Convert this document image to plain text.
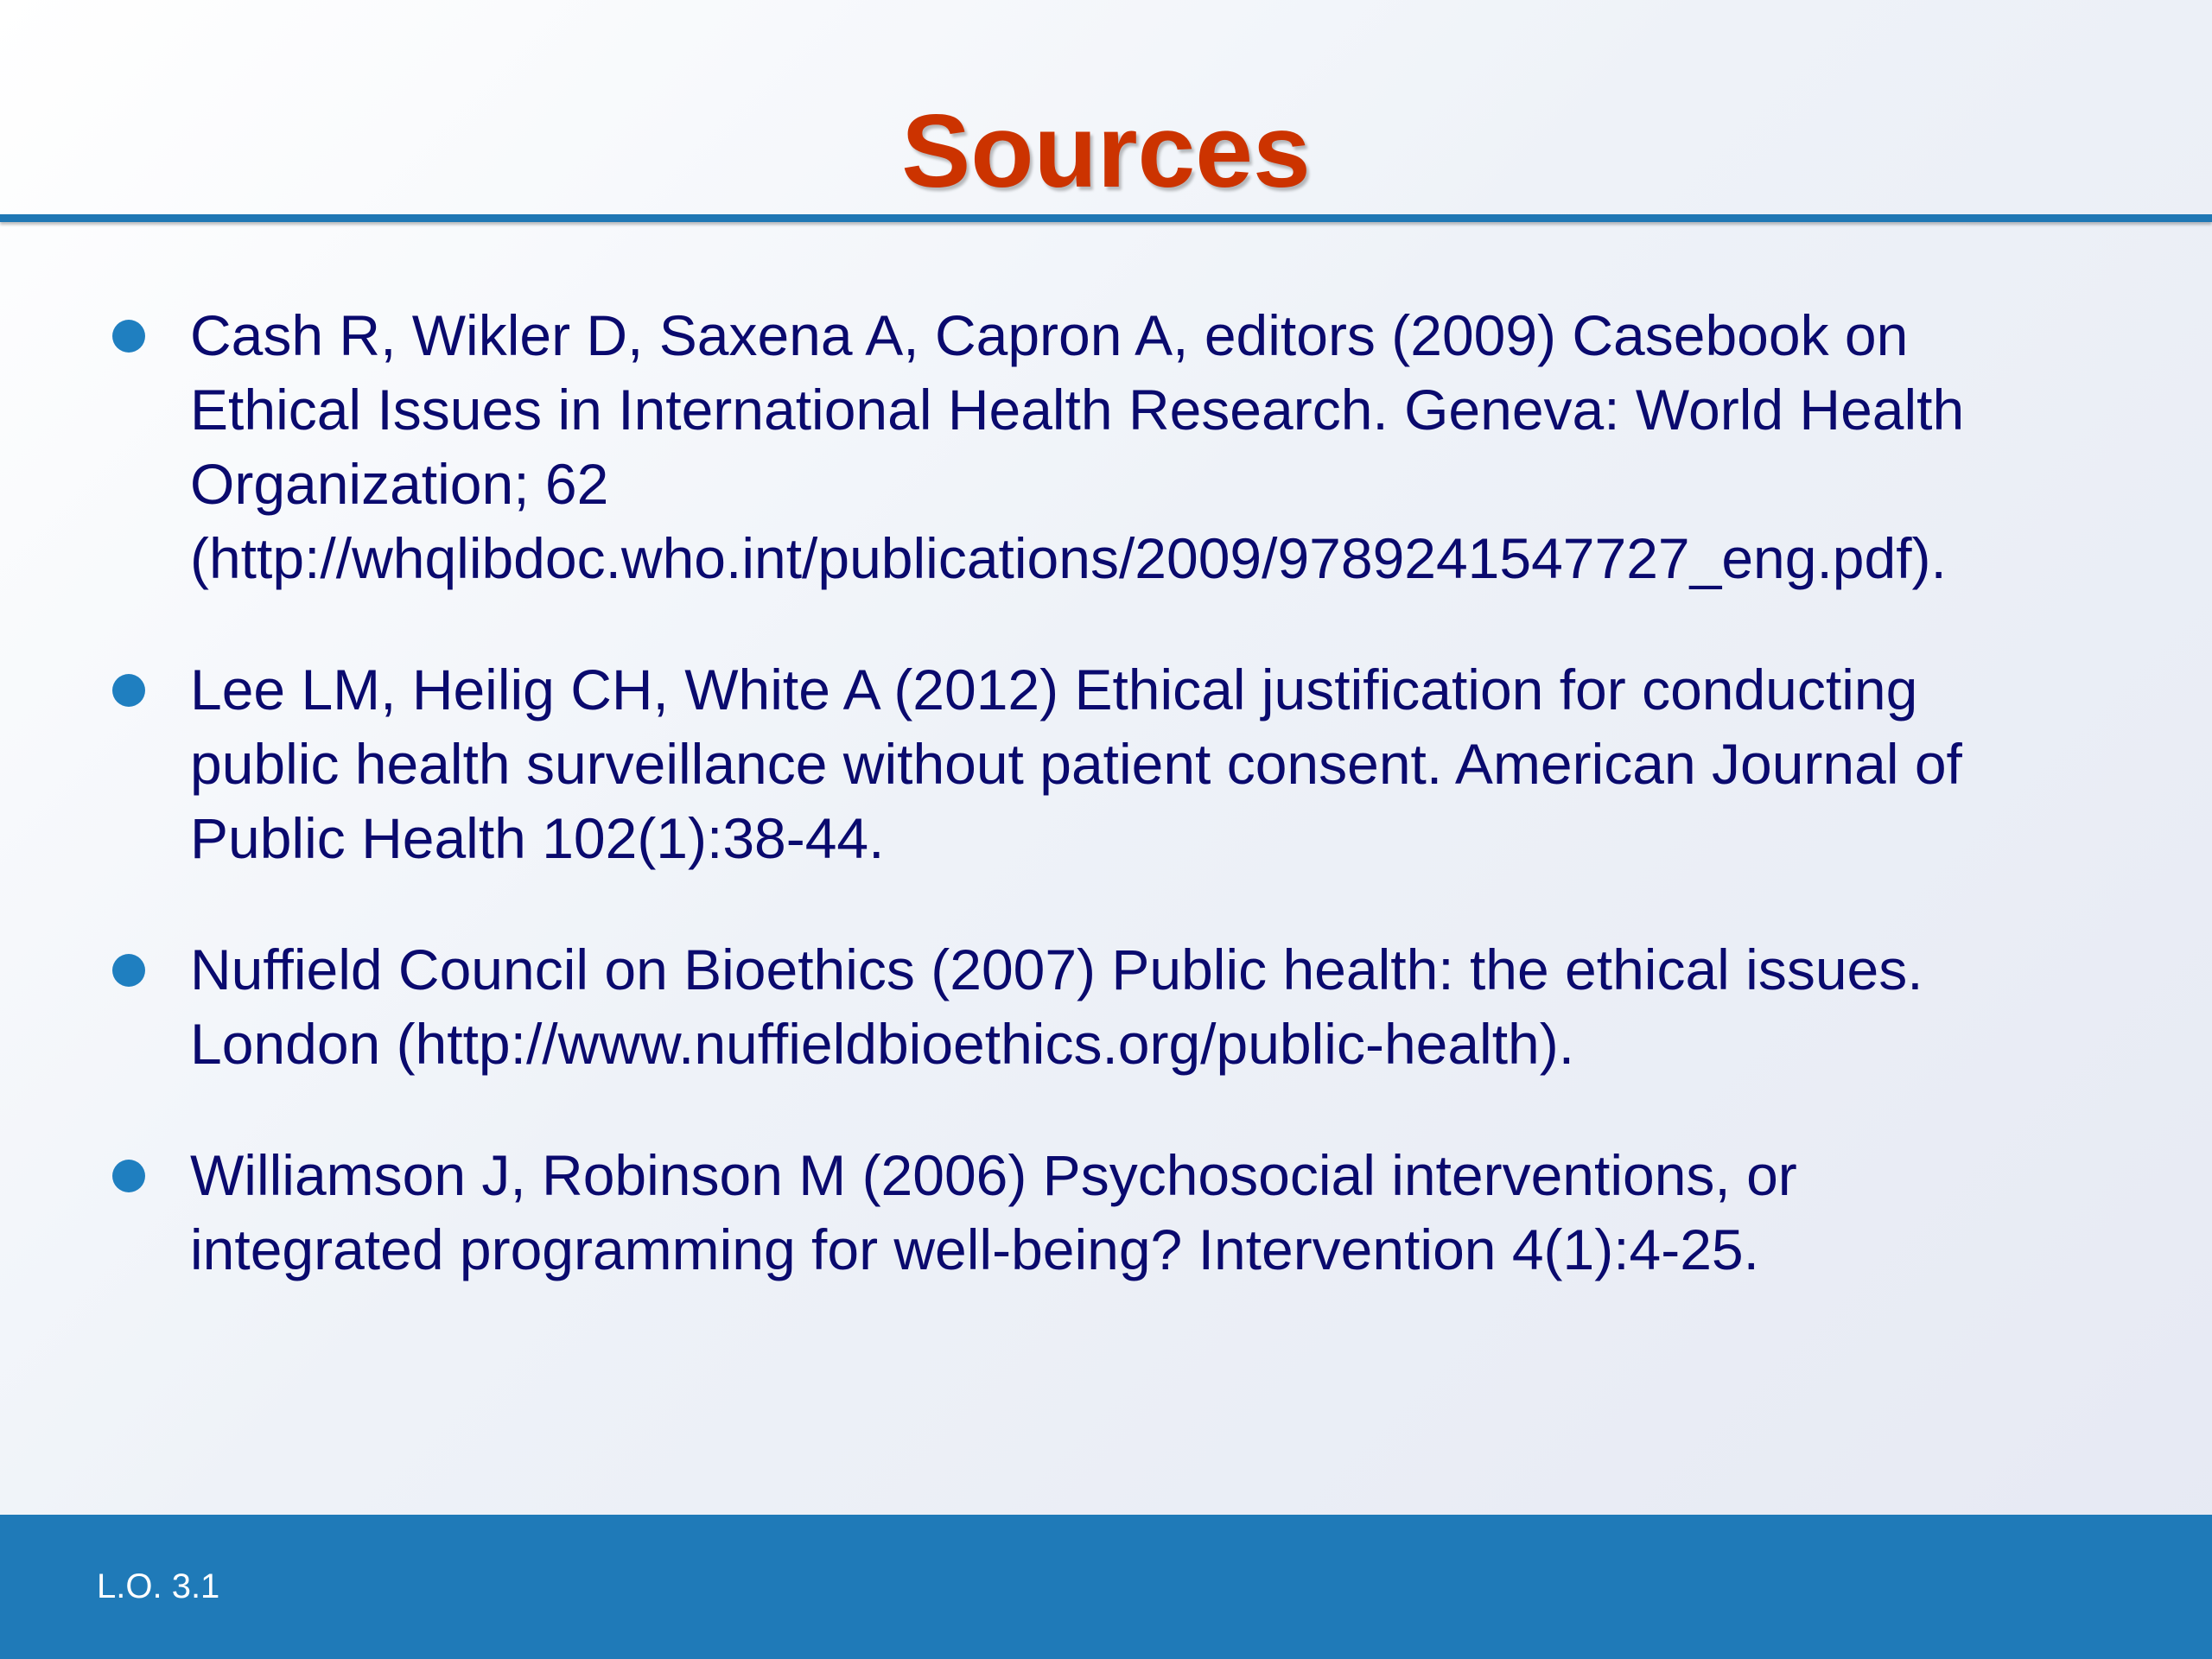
Sources
Cash R, Wikler D, Saxena A, Capron A, editors (2009) Casebook on
Ethical Issues in International Health Research. Geneva: World Health
Organization; 62
(http://whqlibdoc.who.int/publications/2009/9789241547727_eng.pdf).
Lee LM, Heilig CH, White A (2012) Ethical justification for conducting
public health surveillance without patient consent. American Journal of
Public Health 102(1):38-44.
Nuffield Council on Bioethics (2007) Public health: the ethical issues.
London (http://www.nuffieldbioethics.org/public-health).
Williamson J, Robinson M (2006) Psychosocial interventions, or
integrated programming for well-being? Intervention 4(1):4-25.
L.O. 3.1
